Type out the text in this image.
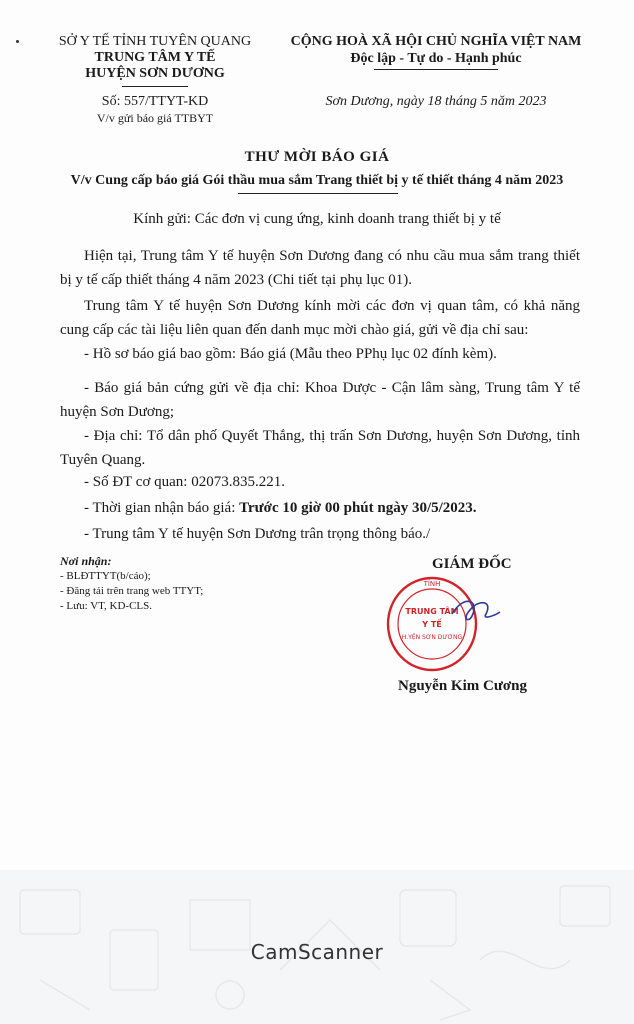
SỞ Y TẾ TỈNH TUYÊN QUANG
TRUNG TÂM Y TẾ
HUYỆN SƠN DƯƠNG
Số: 557/TTYT-KD
V/v gửi báo giá TTBYT
CỘNG HOÀ XÃ HỘI CHỦ NGHĨA VIỆT NAM
Độc lập - Tự do - Hạnh phúc
Sơn Dương, ngày 18 tháng 5 năm 2023
THƯ MỜI BÁO GIÁ
V/v Cung cấp báo giá Gói thầu mua sắm Trang thiết bị y tế thiết tháng 4 năm 2023
Kính gửi: Các đơn vị cung ứng, kinh doanh trang thiết bị y tế
Hiện tại, Trung tâm Y tế huyện Sơn Dương đang có nhu cầu mua sắm trang thiết bị y tế cấp thiết tháng 4 năm 2023 (Chi tiết tại phụ lục 01).
Trung tâm Y tế huyện Sơn Dương kính mời các đơn vị quan tâm, có khả năng cung cấp các tài liệu liên quan đến danh mục mời chào giá, gửi về địa chỉ sau:
- Hồ sơ báo giá bao gồm: Báo giá (Mẫu theo PPhụ lục 02 đính kèm).
- Báo giá bản cứng gửi về địa chỉ: Khoa Dược - Cận lâm sàng, Trung tâm Y tế huyện Sơn Dương;
- Địa chỉ: Tổ dân phố Quyết Thắng, thị trấn Sơn Dương, huyện Sơn Dương, tỉnh Tuyên Quang.
- Số ĐT cơ quan: 02073.835.221.
- Thời gian nhận báo giá: Trước 10 giờ 00 phút ngày 30/5/2023.
- Trung tâm Y tế huyện Sơn Dương trân trọng thông báo./
Nơi nhận:
- BLĐTTYT(b/cáo);
- Đăng tải trên trang web TTYT;
- Lưu: VT, KD-CLS.
GIÁM ĐỐC
TỈNH
TRUNG TÂM
Y TẾ
H.YỆN SƠN DƯƠNG
Nguyễn Kim Cương
CamScanner
